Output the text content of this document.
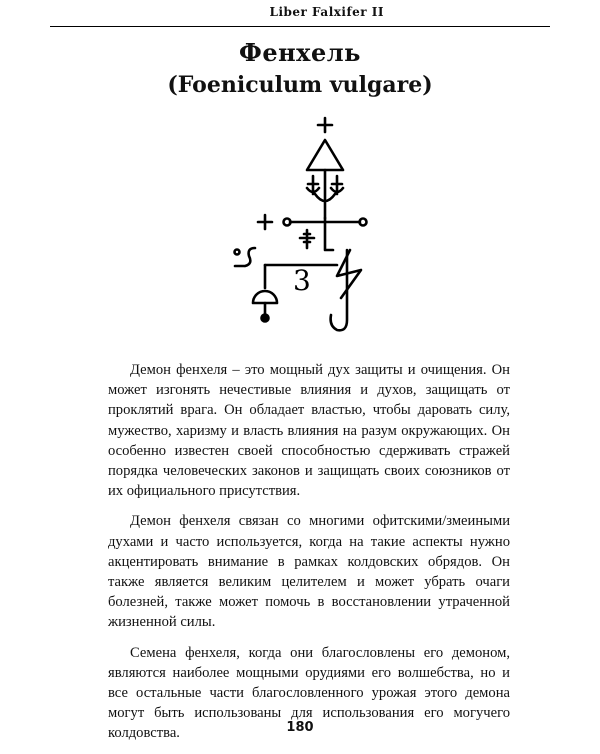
Liber Falxifer II
Фенхель
(Foeniculum vulgare)
3

Демон фенхеля – это мощный дух защиты и очищения. Он может изгонять нечестивые влияния и духов, защищать от проклятий врага. Он обладает властью, чтобы даровать силу, мужество, харизму и власть влияния на разум окружающих. Он особенно известен своей способностью сдерживать стражей порядка человеческих законов и защищать своих союзников от их официального присутствия.

Демон фенхеля связан со многими офитскими/змеиными духами и часто используется, когда на такие аспекты нужно акцентировать внимание в рамках колдовских обрядов. Он также является великим целителем и может убрать очаги болезней, также может помочь в восстановлении утраченной жизненной силы.

Семена фенхеля, когда они благословлены его демоном, являются наиболее мощными орудиями его волшебства, но и все остальные части благословленного урожая этого демона могут быть использованы для использования его могучего колдовства.	180
